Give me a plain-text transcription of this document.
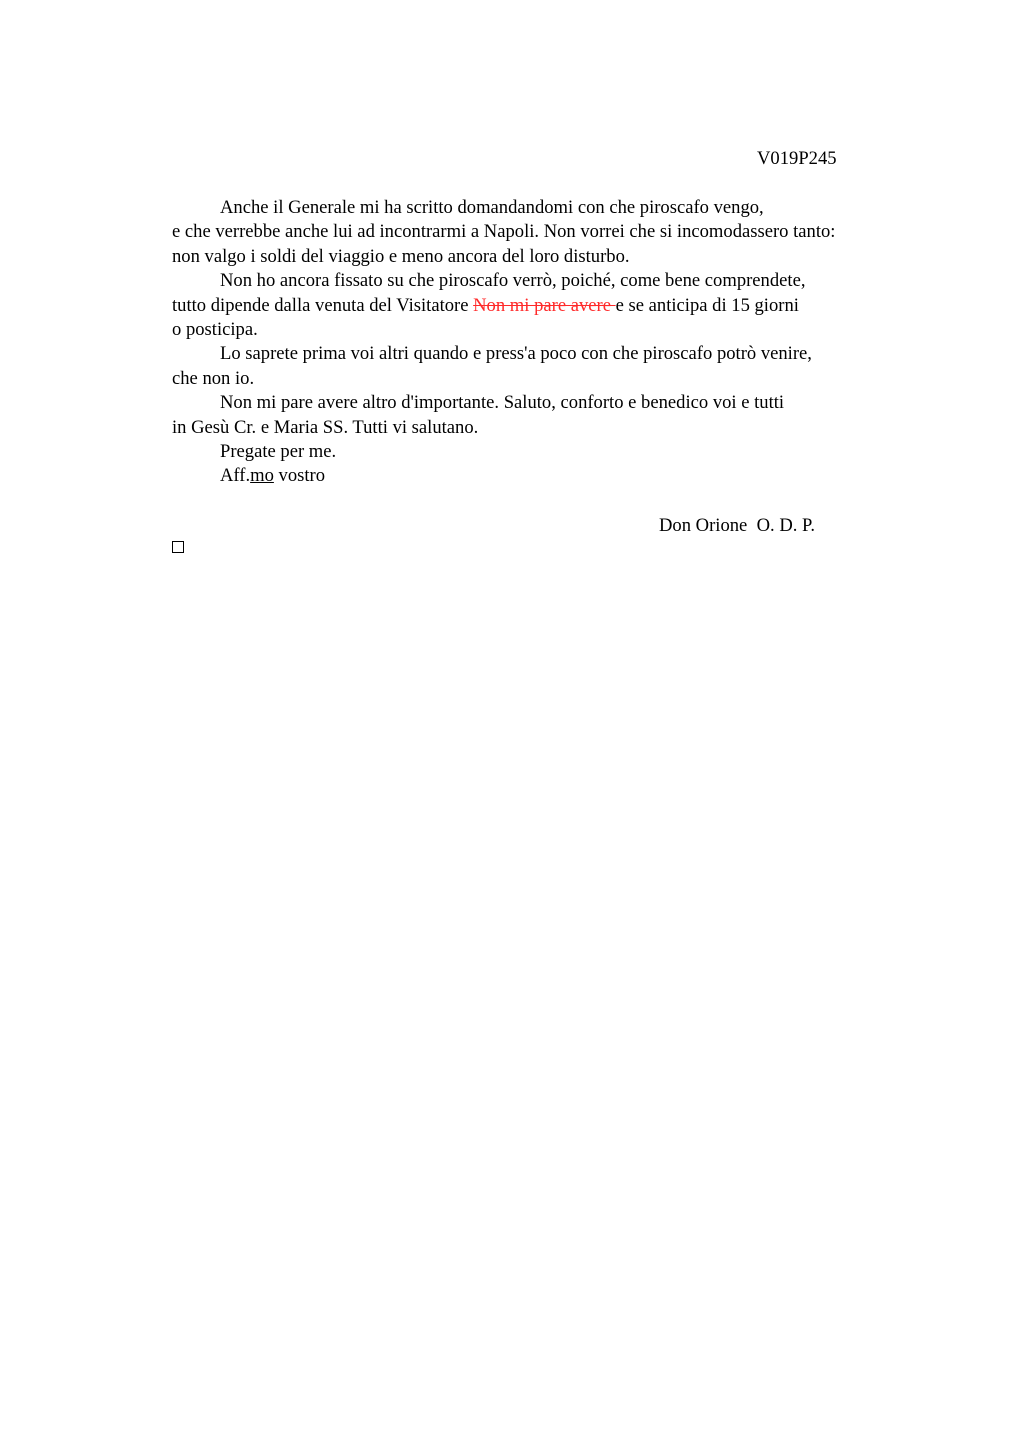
V019P245
Anche il Generale mi ha scritto domandandomi con che piroscafo vengo,
e che verrebbe anche lui ad incontrarmi a Napoli. Non vorrei che si incomodassero tanto:
non valgo i soldi del viaggio e meno ancora del loro disturbo.
Non ho ancora fissato su che piroscafo verrò, poiché, come bene comprendete,
tutto dipende dalla venuta del Visitatore Non mi pare avere e se anticipa di 15 giorni
o posticipa.
Lo saprete prima voi altri quando e press'a poco con che piroscafo potrò venire,
che non io.
Non mi pare avere altro d'importante. Saluto, conforto e benedico voi e tutti
in Gesù Cr. e Maria SS. Tutti vi salutano.
Pregate per me.
Aff.mo vostro
Don Orione  O. D. P.
